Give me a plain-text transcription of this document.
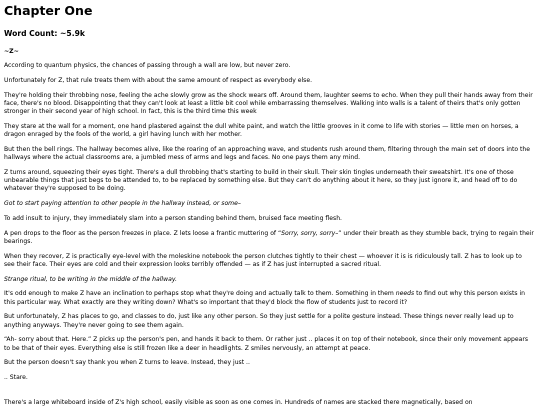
Chapter One
Word Count: ~5.9k
~Z~

According to quantum physics, the chances of passing through a wall are low, but never zero.

Unfortunately for Z, that rule treats them with about the same amount of respect as everybody else.

They're holding their throbbing nose, feeling the ache slowly grow as the shock wears off. Around them, laughter seems to echo. When they pull their hands away from their face, there's no blood. Disappointing that they can't look at least a little bit cool while embarrassing themselves. Walking into walls is a talent of theirs that's only gotten stronger in their second year of high school. In fact, this is the third time this week

They stare at the wall for a moment, one hand plastered against the dull white paint, and watch the little grooves in it come to life with stories — little men on horses, a dragon enraged by the fools of the world, a girl having lunch with her mother.

But then the bell rings. The hallway becomes alive, like the roaring of an approaching wave, and students rush around them, filtering through the main set of doors into the hallways where the actual classrooms are, a jumbled mess of arms and legs and faces. No one pays them any mind.

Z turns around, squeezing their eyes tight. There's a dull throbbing that's starting to build in their skull. Their skin tingles underneath their sweatshirt. It's one of those unbearable things that just begs to be attended to, to be replaced by something else. But they can't do anything about it here, so they just ignore it, and head off to do whatever they're supposed to be doing.

Got to start paying attention to other people in the hallway instead, or some–

To add insult to injury, they immediately slam into a person standing behind them, bruised face meeting flesh.

A pen drops to the floor as the person freezes in place. Z lets loose a frantic muttering of “Sorry, sorry, sorry–” under their breath as they stumble back, trying to regain their bearings.

When they recover, Z is practically eye-level with the moleskine notebook the person clutches tightly to their chest — whoever it is is ridiculously tall. Z has to look up to see their face. Their eyes are cold and their expression looks terribly offended — as if Z has just interrupted a sacred ritual.

Strange ritual, to be writing in the middle of the hallway.

It's odd enough to make Z have an inclination to perhaps stop what they're doing and actually talk to them. Something in them needs to find out why this person exists in this particular way. What exactly are they writing down? What's so important that they'd block the flow of students just to record it?

But unfortunately, Z has places to go, and classes to do, just like any other person. So they just settle for a polite gesture instead. These things never really lead up to anything anyways. They're never going to see them again.

“Ah- sorry about that. Here.” Z picks up the person's pen, and hands it back to them. Or rather just .. places it on top of their notebook, since their only movement appears to be that of their eyes. Everything else is still frozen like a deer in headlights. Z smiles nervously, an attempt at peace.

But the person doesn't say thank you when Z turns to leave. Instead, they just ..

.. Stare.

There's a large whiteboard inside of Z's high school, easily visible as soon as one comes in. Hundreds of names are stacked there magnetically, based on
